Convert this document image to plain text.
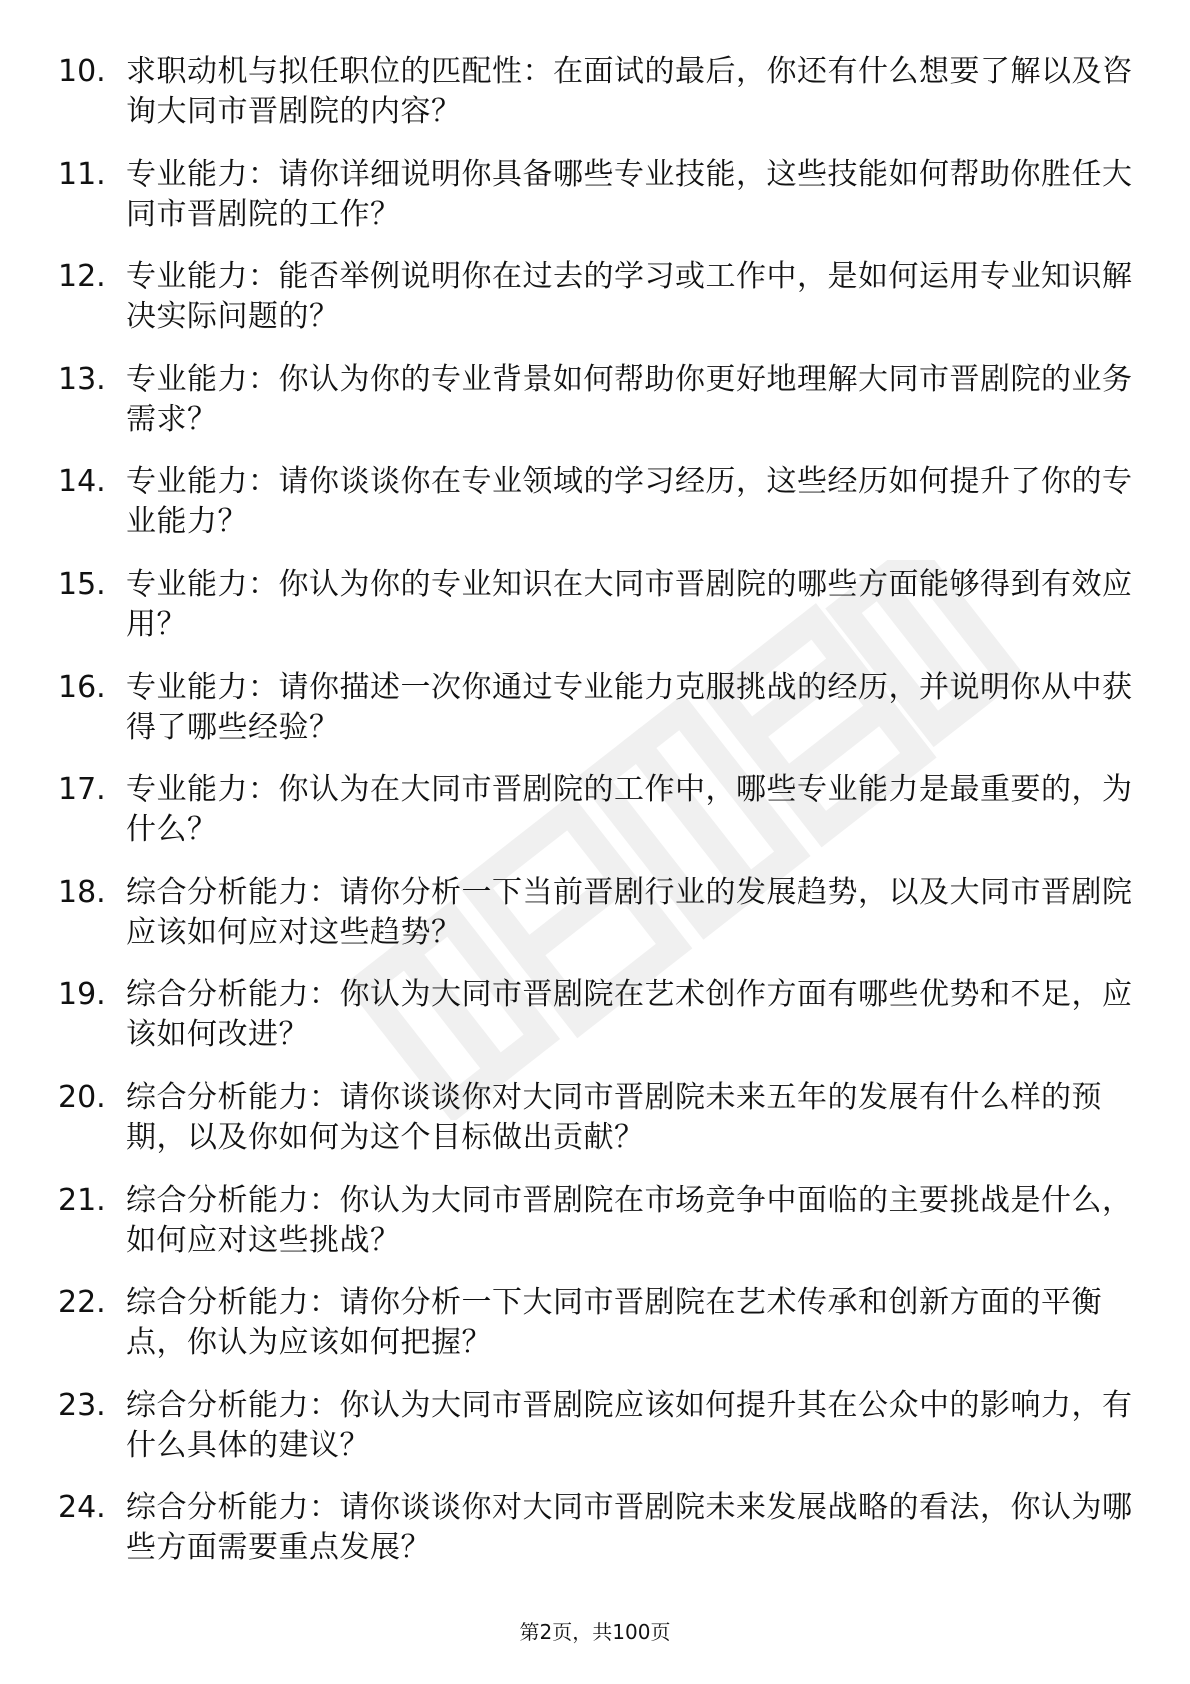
10. 求职动机与拟任职位的匹配性：在面试的最后，你还有什么想要了解以及咨询大同市晋剧院的内容？
11. 专业能力：请你详细说明你具备哪些专业技能，这些技能如何帮助你胜任大同市晋剧院的工作？
12. 专业能力：能否举例说明你在过去的学习或工作中，是如何运用专业知识解决实际问题的？
13. 专业能力：你认为你的专业背景如何帮助你更好地理解大同市晋剧院的业务需求？
14. 专业能力：请你谈谈你在专业领域的学习经历，这些经历如何提升了你的专业能力？
15. 专业能力：你认为你的专业知识在大同市晋剧院的哪些方面能够得到有效应用？
16. 专业能力：请你描述一次你通过专业能力克服挑战的经历，并说明你从中获得了哪些经验？
17. 专业能力：你认为在大同市晋剧院的工作中，哪些专业能力是最重要的，为什么？
18. 综合分析能力：请你分析一下当前晋剧行业的发展趋势，以及大同市晋剧院应该如何应对这些趋势？
19. 综合分析能力：你认为大同市晋剧院在艺术创作方面有哪些优势和不足，应该如何改进？
20. 综合分析能力：请你谈谈你对大同市晋剧院未来五年的发展有什么样的预期，以及你如何为这个目标做出贡献？
21. 综合分析能力：你认为大同市晋剧院在市场竞争中面临的主要挑战是什么，如何应对这些挑战？
22. 综合分析能力：请你分析一下大同市晋剧院在艺术传承和创新方面的平衡点，你认为应该如何把握？
23. 综合分析能力：你认为大同市晋剧院应该如何提升其在公众中的影响力，有什么具体的建议？
24. 综合分析能力：请你谈谈你对大同市晋剧院未来发展战略的看法，你认为哪些方面需要重点发展？
第2页，共100页
